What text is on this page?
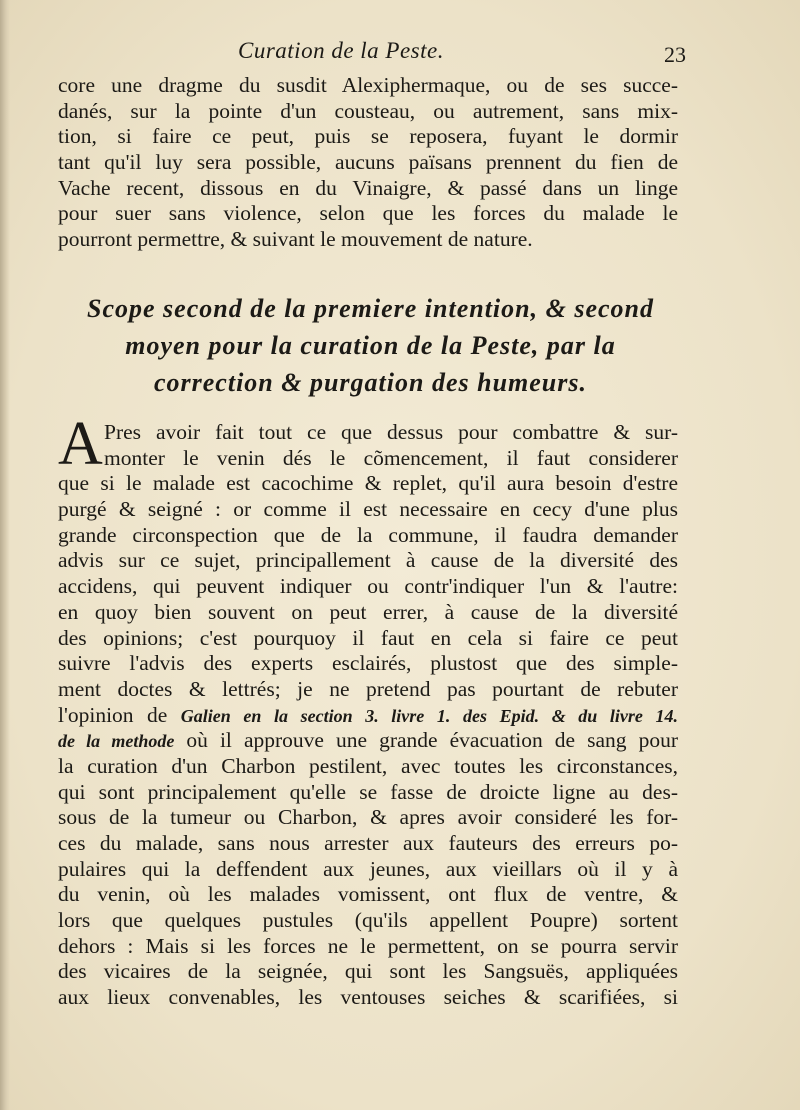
Curation de la Peste.	23
core une dragme du susdit Alexiphermaque, ou de ses succe-
danés, sur la pointe d'un cousteau, ou autrement, sans mix-
tion, si faire ce peut, puis se reposera, fuyant le dormir
tant qu'il luy sera possible, aucuns païsans prennent du fien de
Vache recent, dissous en du Vinaigre, & passé dans un linge
pour suer sans violence, selon que les forces du malade le
pourront permettre, & suivant le mouvement de nature.
Scope second de la premiere intention, & second
moyen pour la curation de la Peste, par la
correction & purgation des humeurs.
A Pres avoir fait tout ce que dessus pour combattre & sur-
monter le venin dés le cõmencement, il faut considerer
que si le malade est cacochime & replet, qu'il aura besoin d'estre
purgé & seigné : or comme il est necessaire en cecy d'une plus
grande circonspection que de la commune, il faudra demander
advis sur ce sujet, principallement à cause de la diversité des
accidens, qui peuvent indiquer ou contr'indiquer l'un & l'autre:
en quoy bien souvent on peut errer, à cause de la diversité
des opinions; c'est pourquoy il faut en cela si faire ce peut
suivre l'advis des experts esclairés, plustost que des simple-
ment doctes & lettrés; je ne pretend pas pourtant de rebuter
l'opinion de Galien en la section 3. livre 1. des Epid. & du livre 14.
de la methode où il approuve une grande évacuation de sang pour
la curation d'un Charbon pestilent, avec toutes les circonstances,
qui sont principalement qu'elle se fasse de droicte ligne au des-
sous de la tumeur ou Charbon, & apres avoir consideré les for-
ces du malade, sans nous arrester aux fauteurs des erreurs po-
pulaires qui la deffendent aux jeunes, aux vieillars où il y à
du venin, où les malades vomissent, ont flux de ventre, &
lors que quelques pustules (qu'ils appellent Pouprе) sortent
dehors : Mais si les forces ne le permettent, on se pourra servir
des vicaires de la seignée, qui sont les Sangsuës, appliquées
aux lieux convenables, les ventouses seiches & scarifiées, si
